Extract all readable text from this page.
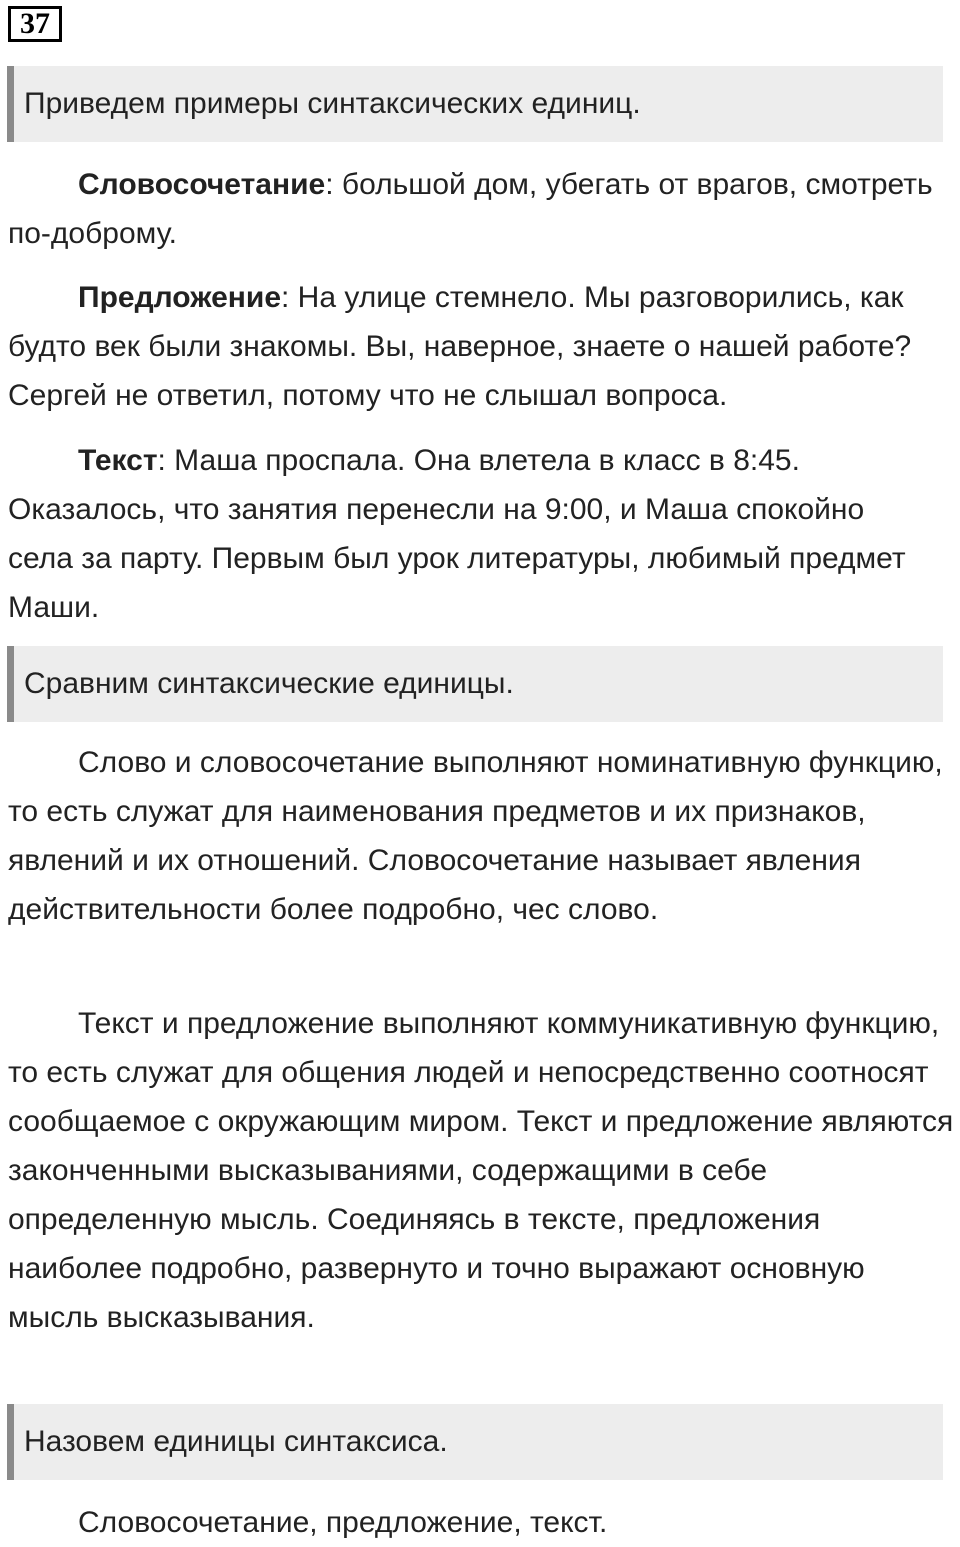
37
Приведем примеры синтаксических единиц.

Словосочетание: большой дом, убегать от врагов, смотреть по-доброму.

Предложение: На улице стемнело. Мы разговорились, как будто век были знакомы. Вы, наверное, знаете о нашей работе? Сергей не ответил, потому что не слышал вопроса.

Текст: Маша проспала. Она влетела в класс в 8:45.
Оказалось, что занятия перенесли на 9:00, и Маша спокойно
села за парту. Первым был урок литературы, любимый предмет Маши.

Сравним синтаксические единицы.

Слово и словосочетание выполняют номинативную функцию, то есть служат для наименования предметов и их признаков, явлений и их отношений. Словосочетание называет явления действительности более подробно, чес слово.

Текст и предложение выполняют коммуникативную функцию, то есть служат для общения людей и непосредственно соотносят сообщаемое с окружающим миром. Текст и предложение являются законченными высказываниями, содержащими в себе определенную мысль. Соединяясь в тексте, предложения наиболее подробно, развернуто и точно выражают основную мысль высказывания.

Назовем единицы синтаксиса.

Словосочетание, предложение, текст.
